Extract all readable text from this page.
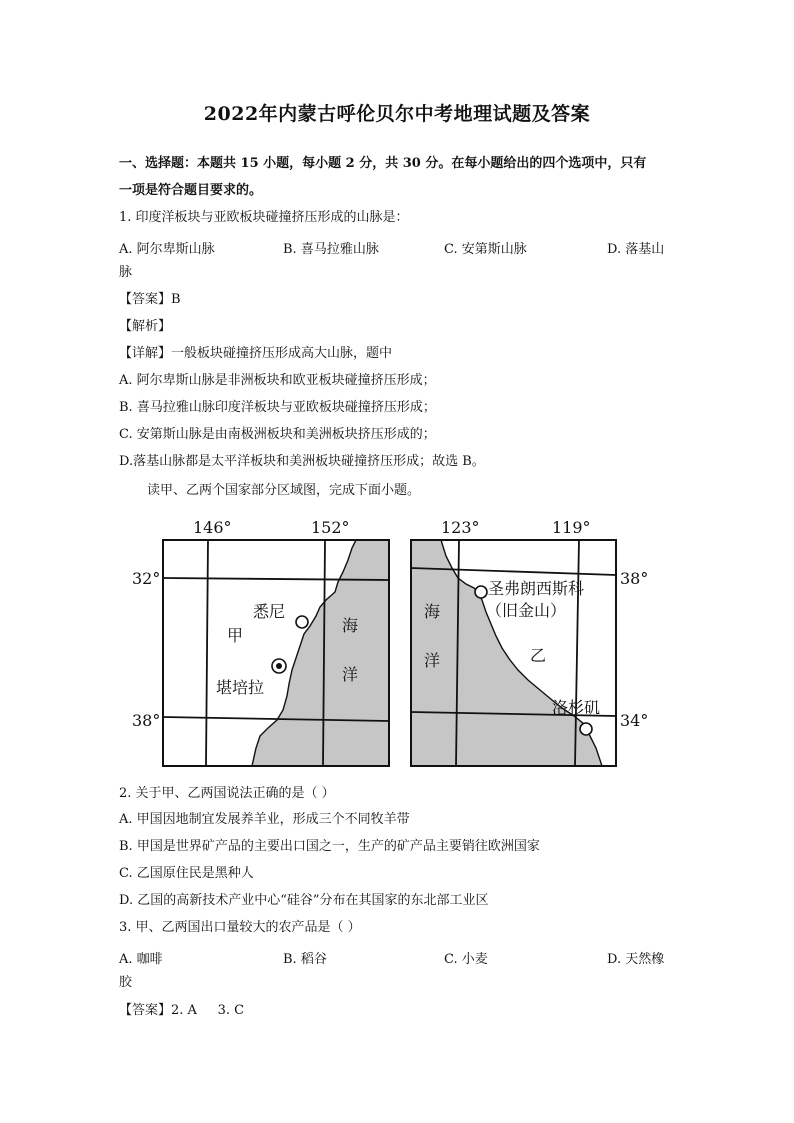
2022年内蒙古呼伦贝尔中考地理试题及答案
一、选择题：本题共 15 小题，每小题 2 分，共 30 分。在每小题给出的四个选项中，只有
一项是符合题目要求的。
1. 印度洋板块与亚欧板块碰撞挤压形成的山脉是：
A. 阿尔卑斯山脉	B. 喜马拉雅山脉	C. 安第斯山脉	D. 落基山
脉
【答案】B
【解析】
【详解】一般板块碰撞挤压形成高大山脉，题中
A. 阿尔卑斯山脉是非洲板块和欧亚板块碰撞挤压形成；
B. 喜马拉雅山脉印度洋板块与亚欧板块碰撞挤压形成；
C. 安第斯山脉是由南极洲板块和美洲板块挤压形成的；
D.落基山脉都是太平洋板块和美洲板块碰撞挤压形成；故选 B。
读甲、乙两个国家部分区域图，完成下面小题。
146°	152°
32°
38°
海
洋
甲
悉尼
堪培拉
123°	119°
38°
34°
海
洋	乙
圣弗朗西斯科
（旧金山）
洛杉矶
2. 关于甲、乙两国说法正确的是（ ）
A. 甲国因地制宜发展养羊业，形成三个不同牧羊带
B. 甲国是世界矿产品的主要出口国之一，生产的矿产品主要销往欧洲国家
C. 乙国原住民是黑种人
D. 乙国的高新技术产业中心“硅谷”分布在其国家的东北部工业区
3. 甲、乙两国出口量较大的农产品是（ ）
A. 咖啡	B. 稻谷	C. 小麦	D. 天然橡
胶
【答案】2. A     3. C
